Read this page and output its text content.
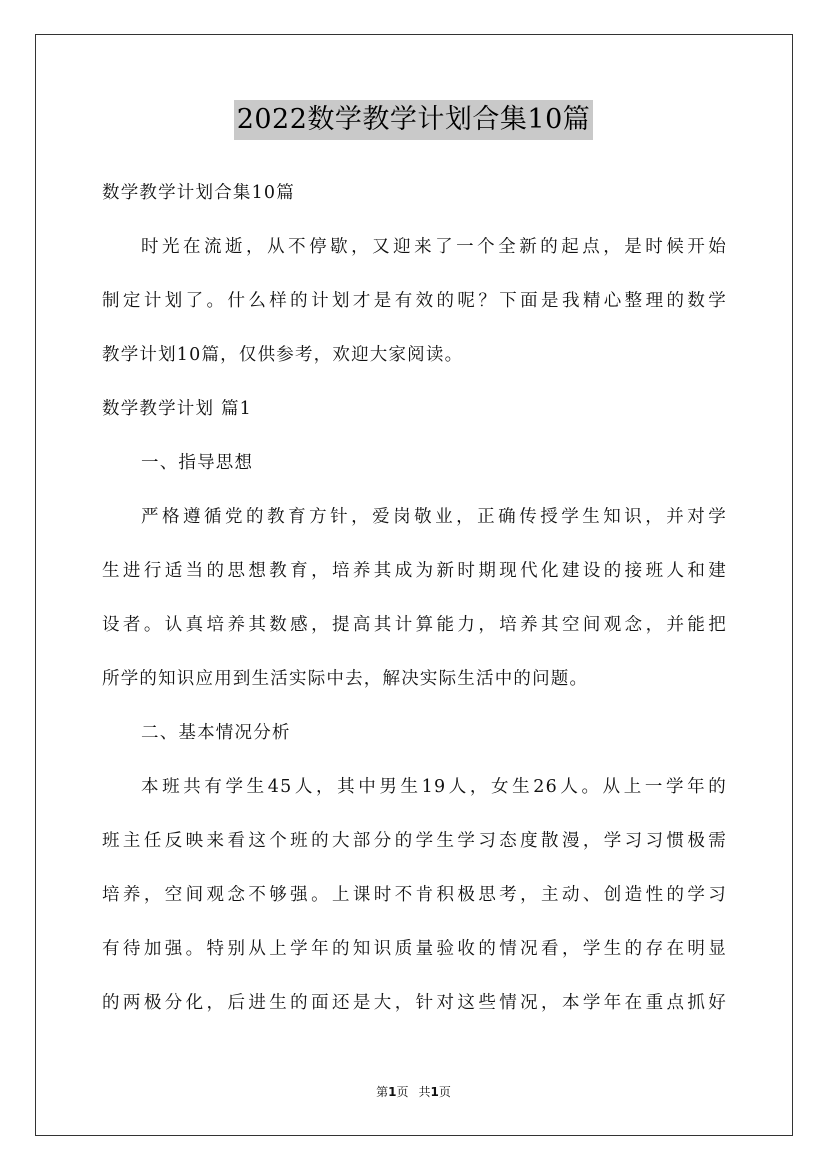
2022数学教学计划合集10篇
数学教学计划合集10篇
时光在流逝，从不停歇，又迎来了一个全新的起点，是时候开始
制定计划了。什么样的计划才是有效的呢？下面是我精心整理的数学
教学计划10篇，仅供参考，欢迎大家阅读。
数学教学计划 篇1
一、指导思想
严格遵循党的教育方针，爱岗敬业，正确传授学生知识，并对学
生进行适当的思想教育，培养其成为新时期现代化建设的接班人和建
设者。认真培养其数感，提高其计算能力，培养其空间观念，并能把
所学的知识应用到生活实际中去，解决实际生活中的问题。
二、基本情况分析
本班共有学生45人，其中男生19人，女生26人。从上一学年的
班主任反映来看这个班的大部分的学生学习态度散漫，学习习惯极需
培养，空间观念不够强。上课时不肯积极思考，主动、创造性的学习
有待加强。特别从上学年的知识质量验收的情况看，学生的存在明显
的两极分化，后进生的面还是大，针对这些情况，本学年在重点抓好
第1页 共1页
